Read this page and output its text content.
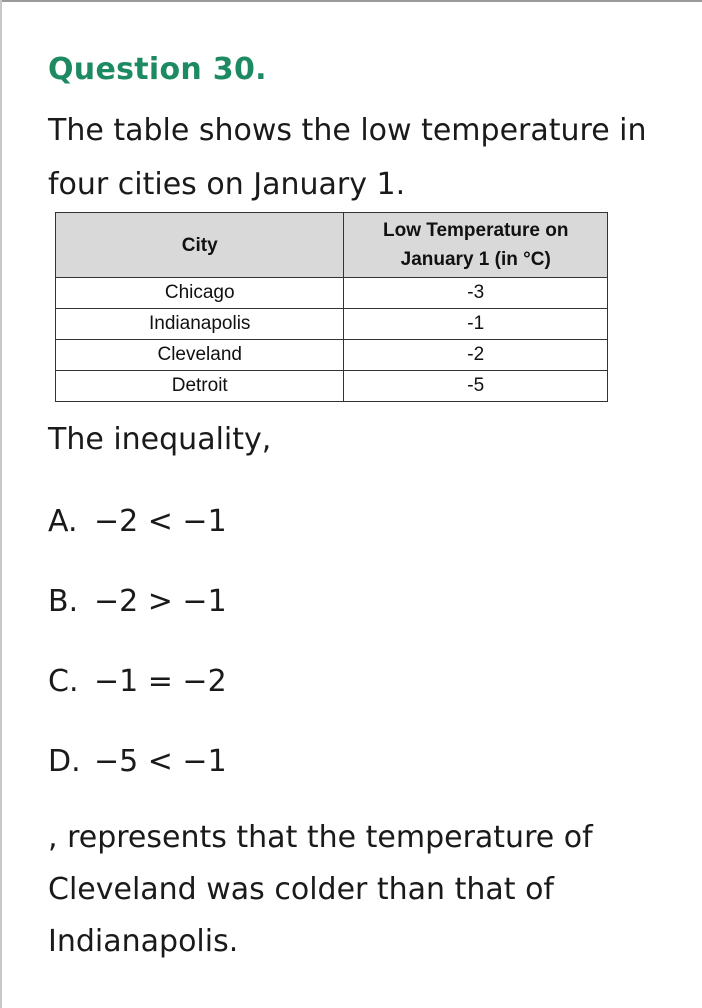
Question 30.
The table shows the low temperature in four cities on January 1.
City	Low Temperature on
January 1 (in °C)
Chicago	-3
Indianapolis	-1
Cleveland	-2
Detroit	-5
The inequality,
A. −2 < −1
B. −2 > −1
C. −1 = −2
D. −5 < −1
, represents that the temperature of Cleveland was colder than that of Indianapolis.
